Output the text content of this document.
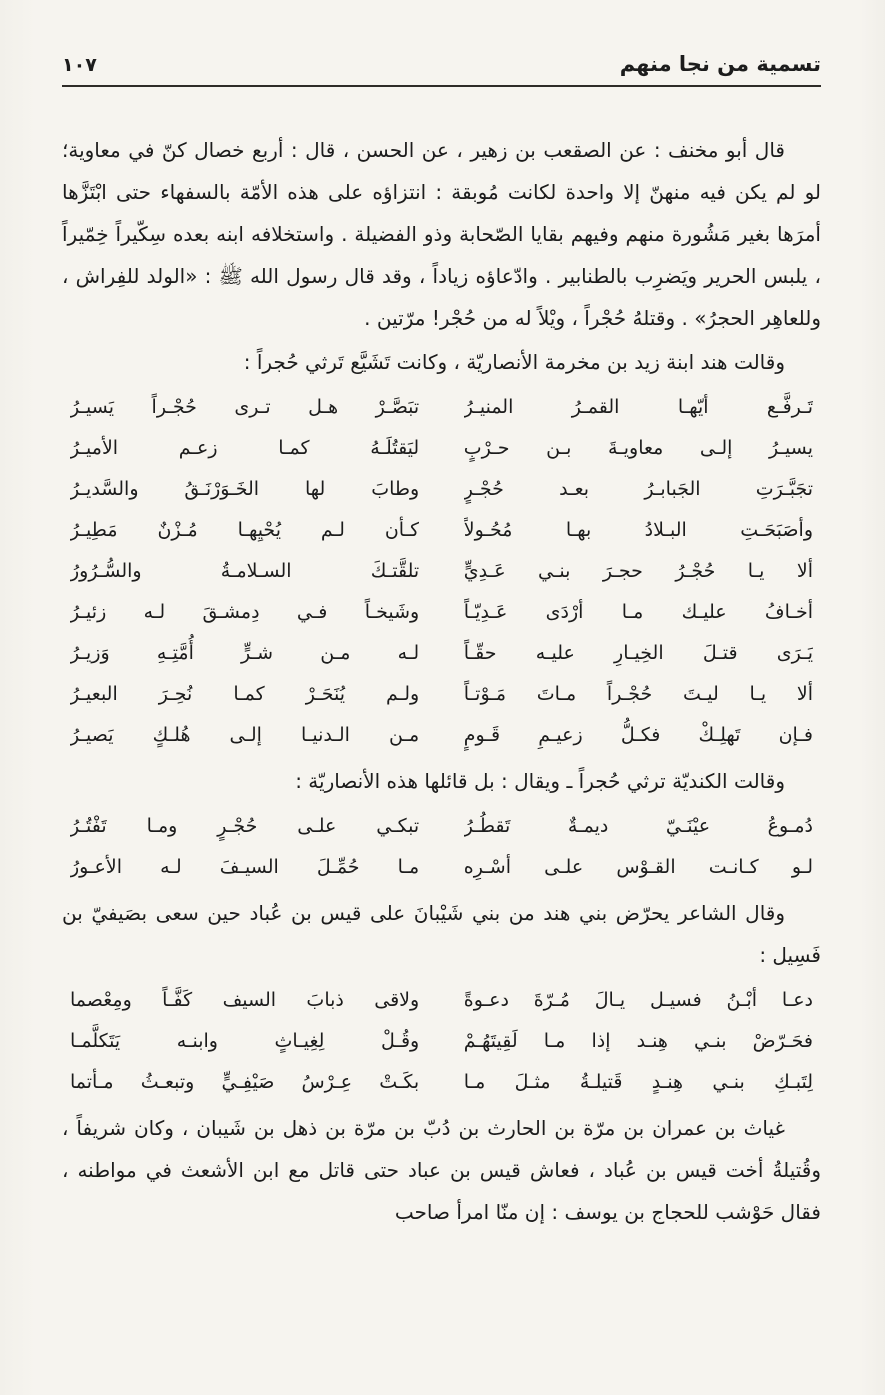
تسمية من نجا منهم
١٠٧

قال أبو مخنف : عن الصقعب بن زهير ، عن الحسن ، قال : أربع خصال كنّ في معاوية؛ لو لم يكن فيه منهنّ إلا واحدة لكانت مُوبقة : انتزاؤه على هذه الأمّة بالسفهاء حتى ابْتَزَّها أمرَها بغير مَشُورة منهم وفيهم بقايا الصّحابة وذو الفضيلة . واستخلافه ابنه بعده سِكّيراً خِمّيراً ، يلبس الحرير ويَضرِب بالطنابير . وادّعاؤه زياداً ، وقد قال رسول الله ﷺ : «الولد للفِراش ، وللعاهِر الحجرُ» . وقتلهُ حُجْراً ، ويْلاً له من حُجْر! مرّتين .

وقالت هند ابنة زيد بن مخرمة الأنصاريّة ، وكانت تَشَيَّع تَرثي حُجراً :

تَـرفَّـع أيّهـا القمـرُ المنيـرُ
تبَصَّـرْ هـل تـرى حُجْـراً يَسيـرُ
يسيـرُ إلـى معاويـةَ بـن حـرْبٍ
ليَقتُلَـهُ كمـا زعـم الأميـرُ
تجَبَّـرَتِ الجَبابـرُ بعـد حُجْـرٍ
وطابَ لها الخَـوَرْنَـقُ والسَّديـرُ
وأصَبَحَـتِ البـلادُ بهـا مُحُـولاً
كـأن لـم يُحْيِهـا مُـزْنٌ مَطِيـرُ
ألا يـا حُجْـرُ حجـرَ بنـي عَـدِيٍّ
تلقَّتـكَ السـلامـةُ والسُّـرُورُ
أخـافُ عليـك مـا أرْدَى عَـدِيّـاً
وشَيخـاً فـي دِمشـقَ لـه زئيـرُ
يَـرَى قتـلَ الخِيـارِ عليـه حقّـاً
لـه مـن شـرٍّ أُمَّتِـهِ وَزيـرُ
ألا يـا ليـتَ حُجْـراً مـاتَ مَـوْتـاً
ولـم يُنَحَـرْ كمـا نُحِـرَ البعيـرُ
فـإن تَهلِـكْ فكـلُّ زعيـمِ قَـومٍ
مـن الـدنيـا إلـى هُلـكٍ يَصيـرُ

وقالت الكنديّة ترثي حُجراً ـ ويقال : بل قائلها هذه الأنصاريّة :

دُمـوعُ عيْنَـيّ ديمـةٌ تَقطُـرُ
تبكـي علـى حُجْـرٍ ومـا تَفْتُـرُ
لـو كـانـت القـوْس علـى أسْـرِه
مـا حُمِّـلَ السيـفَ لـه الأعـورُ

وقال الشاعر يحرّض بني هند من بني شَيْبانَ على قيس بن عُباد حين سعى بصَيفيّ بن فَسِيل :

دعـا أبْـنُ فسيـل يـالَ مُـرّةَ دعـوةً
ولاقى ذبابَ السيف كَفَّـاً ومِعْصما
فحَـرّضْ بنـي هِنـد إذا مـا لَقِيتَهُـمْ
وقُـلْ لِغِيـاثٍ وابنـه يَتَكلَّمـا
لِتَبـكِ بنـي هِنـدٍ قَتيلـةُ مثـلَ مـا
بكَـتْ عِـرْسُ صَيْفِـيٍّ وتبعـثُ مـأتما

غياث بن عمران بن مرّة بن الحارث بن دُبّ بن مرّة بن ذهل بن شَيبان ، وكان شريفاً ، وقُتيلةُ أخت قيس بن عُباد ، فعاش قيس بن عباد حتى قاتل مع ابن الأشعث في مواطنه ، فقال حَوْشب للحجاج بن يوسف : إن منّا امرأ صاحب
